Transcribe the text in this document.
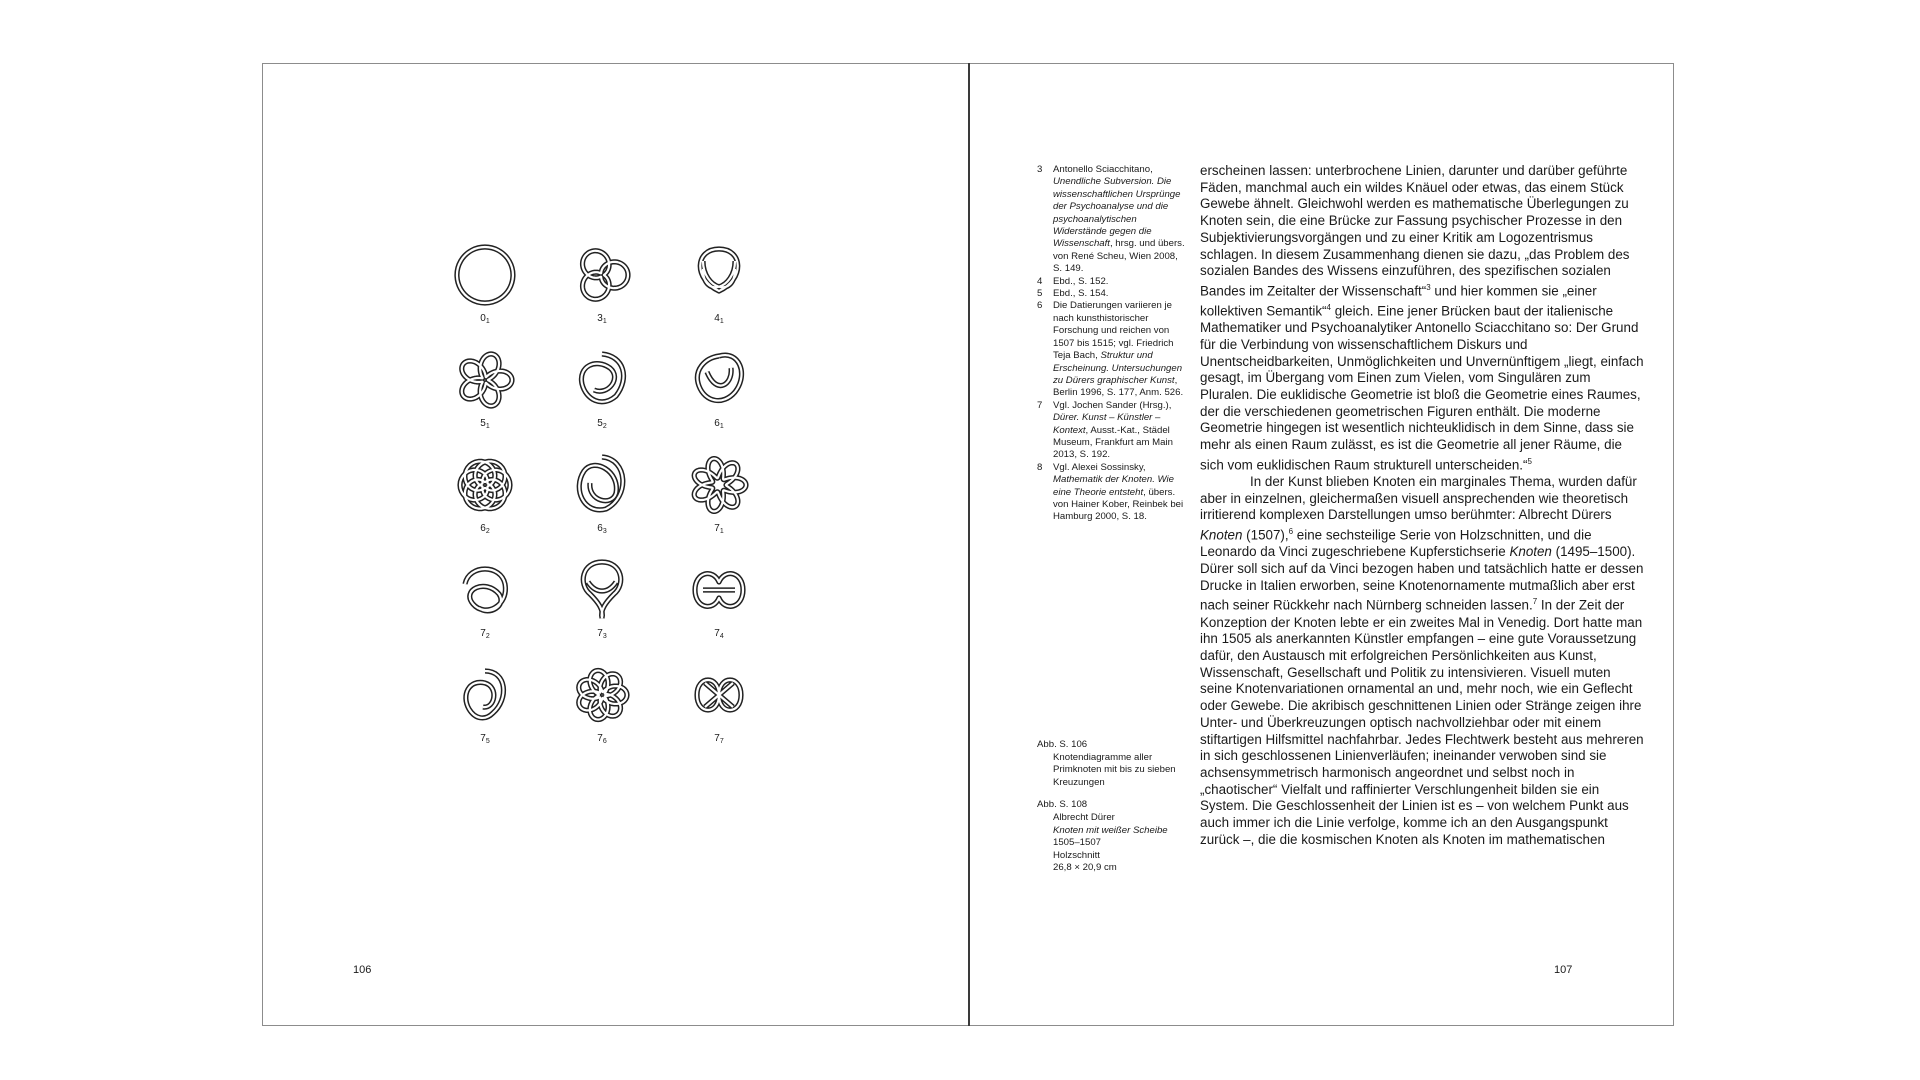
$0_1$	$3_1$	$4_1$
$5_1$	$5_2$	$6_1$
$6_2$	$6_3$	$7_1$
$7_2$	$7_3$	$7_4$
$7_5$	$7_6$	$7_7$
106
3	Antonello Sciacchitano, Unendliche Subversion. Die wissenschaftlichen Ursprünge der Psychoanalyse und die psychoanalytischen Widerstände gegen die Wissenschaft, hrsg. und übers. von René Scheu, Wien 2008, S. 149.
4	Ebd., S. 152.
5	Ebd., S. 154.
6	Die Datierungen variieren je nach kunsthistorischer Forschung und reichen von 1507 bis 1515; vgl. Friedrich Teja Bach, Struktur und Erscheinung. Untersuchungen zu Dürers graphischer Kunst, Berlin 1996, S. 177, Anm. 526.
7	Vgl. Jochen Sander (Hrsg.), Dürer. Kunst – Künstler – Kontext, Ausst.-Kat., Städel Museum, Frankfurt am Main 2013, S. 192.
8	Vgl. Alexei Sossinsky, Mathematik der Knoten. Wie eine Theorie entsteht, übers. von Hainer Kober, Reinbek bei Hamburg 2000, S. 18.
Abb. S. 106
Knotendiagramme aller Primknoten mit bis zu sieben Kreuzungen
Abb. S. 108
Albrecht Dürer
Knoten mit weißer Scheibe
1505–1507
Holzschnitt
26,8 × 20,9 cm

erscheinen lassen: unterbrochene Linien, darunter und darüber geführte Fäden, manchmal auch ein wildes Knäuel oder etwas, das einem Stück Gewebe ähnelt. Gleichwohl werden es mathematische Überlegungen zu Knoten sein, die eine Brücke zur Fassung psychischer Prozesse in den Subjektivierungsvorgängen und zu einer Kritik am Logozentrismus schlagen. In diesem Zusammenhang dienen sie dazu, „das Problem des sozialen Bandes des Wissens einzuführen, des spezifischen sozialen Bandes im Zeitalter der Wissenschaft“$^3$ und hier kommen sie „einer kollektiven Semantik“$^4$ gleich. Eine jener Brücken baut der italienische Mathematiker und Psychoanalytiker Antonello Sciacchitano so: Der Grund für die Verbindung von wissenschaftlichem Diskurs und Unentscheidbarkeiten, Unmöglichkeiten und Unvernünftigem „liegt, einfach gesagt, im Übergang vom Einen zum Vielen, vom Singulären zum Pluralen. Die euklidische Geometrie ist bloß die Geometrie eines Raumes, der die verschiedenen geometrischen Figuren enthält. Die moderne Geometrie hingegen ist wesentlich nichteuklidisch in dem Sinne, dass sie mehr als einen Raum zulässt, es ist die Geometrie all jener Räume, die sich vom euklidischen Raum strukturell unterscheiden.“$^5$

In der Kunst blieben Knoten ein marginales Thema, wurden dafür aber in einzelnen, gleichermaßen visuell ansprechenden wie theoretisch irritierend komplexen Darstellungen umso berühmter: Albrecht Dürers Knoten (1507),$^6$ eine sechsteilige Serie von Holzschnitten, und die Leonardo da Vinci zugeschriebene Kupferstichserie Knoten (1495–1500). Dürer soll sich auf da Vinci bezogen haben und tatsächlich hatte er dessen Drucke in Italien erworben, seine Knotenornamente mutmaßlich aber erst nach seiner Rückkehr nach Nürnberg schneiden lassen.$^7$ In der Zeit der Konzeption der Knoten lebte er ein zweites Mal in Venedig. Dort hatte man ihn 1505 als anerkannten Künstler empfangen – eine gute Voraussetzung dafür, den Austausch mit erfolgreichen Persönlichkeiten aus Kunst, Wissenschaft, Gesellschaft und Politik zu intensivieren. Visuell muten seine Knotenvariationen ornamental an und, mehr noch, wie ein Geflecht oder Gewebe. Die akribisch geschnittenen Linien oder Stränge zeigen ihre Unter- und Überkreuzungen optisch nachvollziehbar oder mit einem stiftartigen Hilfsmittel nachfahrbar. Jedes Flechtwerk besteht aus mehreren in sich geschlossenen Linienverläufen; ineinander verwoben sind sie achsensymmetrisch harmonisch angeordnet und selbst noch in „chaotischer“ Vielfalt und raffinierter Verschlungenheit bilden sie ein System. Die Geschlossenheit der Linien ist es – von welchem Punkt aus auch immer ich die Linie verfolge, komme ich an den Ausgangspunkt zurück –, die die kosmischen Knoten als Knoten im mathematischen

107
